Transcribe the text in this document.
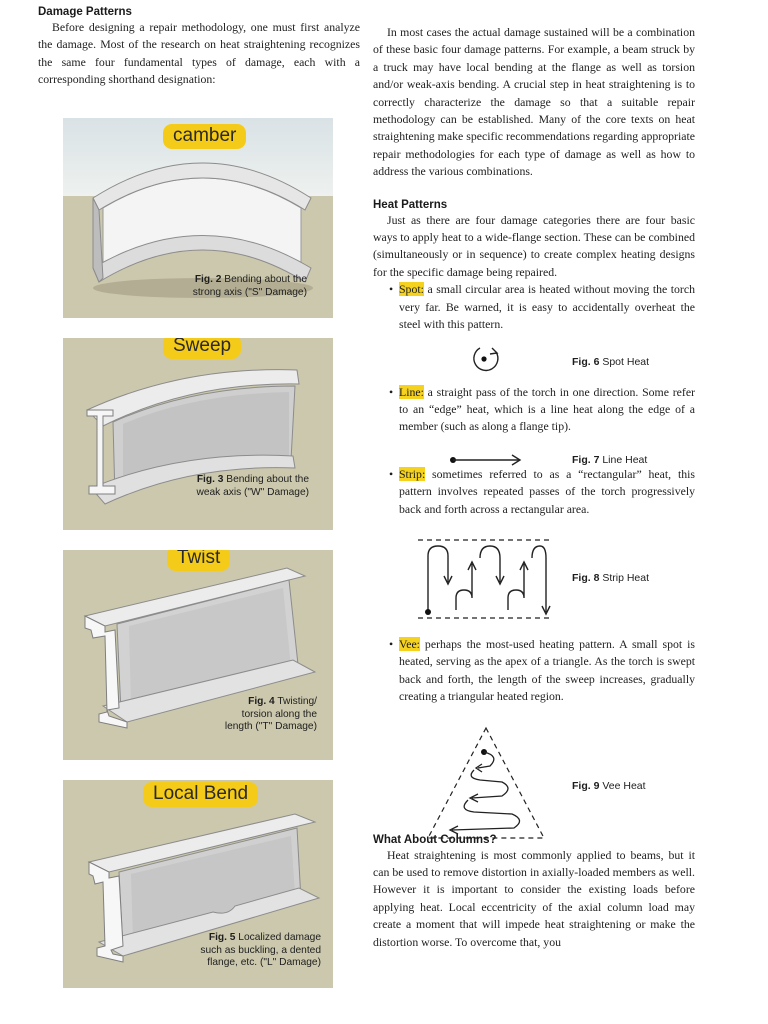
Damage Patterns

Before designing a repair methodology, one must first analyze the damage. Most of the research on heat straightening recognizes the same four fundamental types of damage, each with a corresponding shorthand designation:

camber
Fig. 2 Bending about the
strong axis ("S" Damage)
Sweep
Fig. 3 Bending about the
weak axis ("W" Damage)
Twist
Fig. 4 Twisting/
torsion along the
length ("T" Damage)
Local Bend
Fig. 5 Localized damage
such as buckling, a dented
flange, etc. ("L" Damage)

In most cases the actual damage sustained will be a combination of these basic four damage patterns. For example, a beam struck by a truck may have local bending at the flange as well as torsion and/or weak-axis bending. A crucial step in heat straightening is to correctly characterize the damage so that a suitable repair methodology can be established. Many of the core texts on heat straightening make specific recommendations regarding appropriate repair methodologies for each type of damage as well as how to address the various combinations.

Heat Patterns

Just as there are four damage categories there are four basic ways to apply heat to a wide-flange section. These can be combined (simultaneously or in sequence) to create complex heating designs for the specific damage being repaired.

• Spot: a small circular area is heated without moving the torch very far. Be warned, it is easy to accidentally overheat the steel with this pattern.

• Line: a straight pass of the torch in one direction. Some refer to an “edge” heat, which is a line heat along the edge of a member (such as along a flange tip).

• Strip: sometimes referred to as a “rectangular” heat, this pattern involves repeated passes of the torch progressively back and forth across a rectangular area.

• Vee: perhaps the most-used heating pattern. A small spot is heated, serving as the apex of a triangle. As the torch is swept back and forth, the length of the sweep increases, gradually creating a triangular heated region.

What About Columns?

Heat straightening is most commonly applied to beams, but it can be used to remove distortion in axially-loaded members as well. However it is important to consider the existing loads before applying heat. Local eccentricity of the axial column load may create a moment that will impede heat straightening or make the distortion worse. To overcome that, you

Fig. 6 Spot Heat
Fig. 7 Line Heat
Fig. 8 Strip Heat
Fig. 9 Vee Heat
